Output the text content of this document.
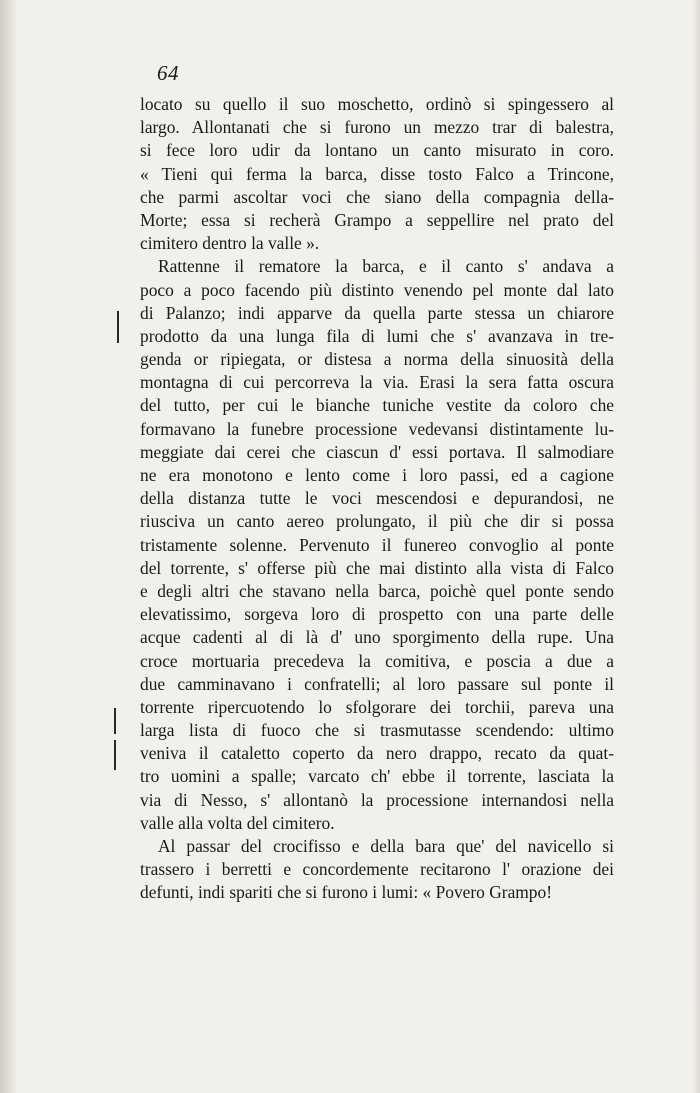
64
locato su quello il suo moschetto, ordinò si spingessero al
largo. Allontanati che si furono un mezzo trar di balestra,
si fece loro udir da lontano un canto misurato in coro.
« Tieni qui ferma la barca, disse tosto Falco a Trincone,
che parmi ascoltar voci che siano della compagnia della-
Morte; essa si recherà Grampo a seppellire nel prato del
cimitero dentro la valle ».
Rattenne il rematore la barca, e il canto s' andava a
poco a poco facendo più distinto venendo pel monte dal lato
di Palanzo; indi apparve da quella parte stessa un chiarore
prodotto da una lunga fila di lumi che s' avanzava in tre-
genda or ripiegata, or distesa a norma della sinuosità della
montagna di cui percorreva la via. Erasi la sera fatta oscura
del tutto, per cui le bianche tuniche vestite da coloro che
formavano la funebre processione vedevansi distintamente lu-
meggiate dai cerei che ciascun d' essi portava. Il salmodiare
ne era monotono e lento come i loro passi, ed a cagione
della distanza tutte le voci mescendosi e depurandosi, ne
riusciva un canto aereo prolungato, il più che dir si possa
tristamente solenne. Pervenuto il funereo convoglio al ponte
del torrente, s' offerse più che mai distinto alla vista di Falco
e degli altri che stavano nella barca, poichè quel ponte sendo
elevatissimo, sorgeva loro di prospetto con una parte delle
acque cadenti al di là d' uno sporgimento della rupe. Una
croce mortuaria precedeva la comitiva, e poscia a due a
due camminavano i confratelli; al loro passare sul ponte il
torrente ripercuotendo lo sfolgorare dei torchii, pareva una
larga lista di fuoco che si trasmutasse scendendo: ultimo
veniva il cataletto coperto da nero drappo, recato da quat-
tro uomini a spalle; varcato ch' ebbe il torrente, lasciata la
via di Nesso, s' allontanò la processione internandosi nella
valle alla volta del cimitero.
Al passar del crocifisso e della bara que' del navicello si
trassero i berretti e concordemente recitarono l' orazione dei
defunti, indi spariti che si furono i lumi: « Povero Grampo!
